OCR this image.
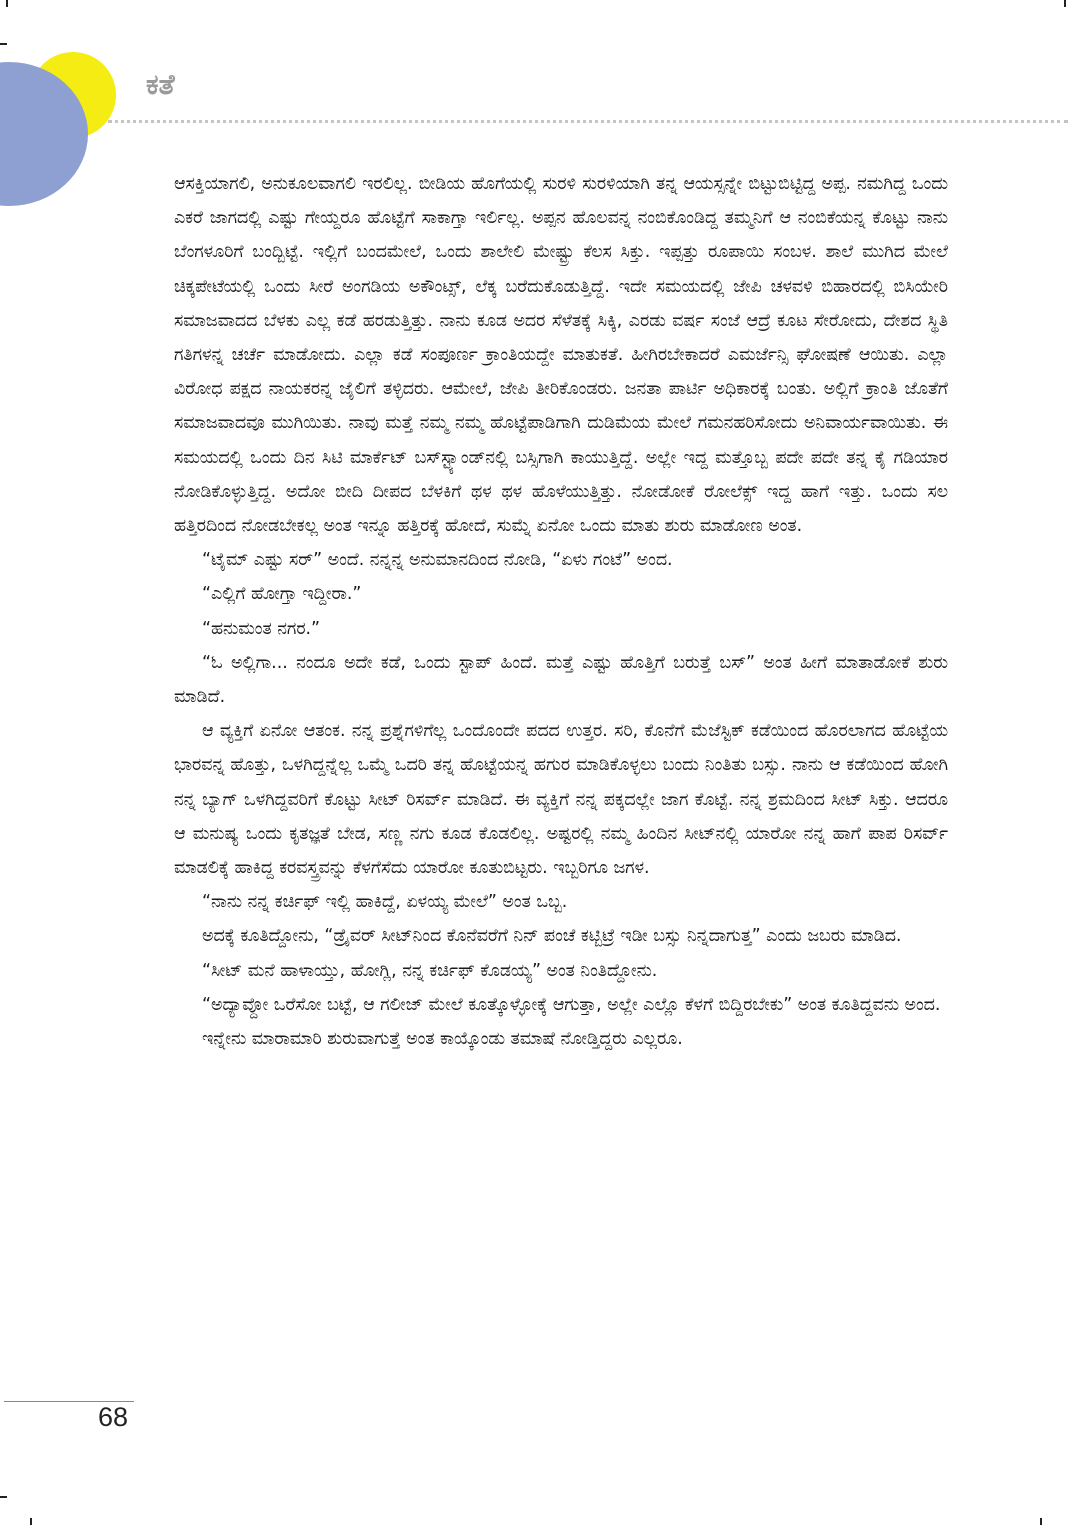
ಕತೆ

ಆಸಕ್ತಿಯಾಗಲಿ, ಅನುಕೂಲವಾಗಲಿ ಇರಲಿಲ್ಲ. ಬೀಡಿಯ ಹೊಗೆಯಲ್ಲಿ ಸುರಳಿ ಸುರಳಿಯಾಗಿ ತನ್ನ ಆಯಸ್ಸನ್ನೇ ಬಿಟ್ಟುಬಿಟ್ಟಿದ್ದ ಅಪ್ಪ. ನಮಗಿದ್ದ ಒಂದು ಎಕರೆ ಜಾಗದಲ್ಲಿ ಎಷ್ಟು ಗೇಯ್ದರೂ ಹೊಟ್ಟೆಗೆ ಸಾಕಾಗ್ತಾ ಇರ್ಲಿಲ್ಲ. ಅಪ್ಪನ ಹೊಲವನ್ನ ನಂಬಿಕೊಂಡಿದ್ದ ತಮ್ಮನಿಗೆ ಆ ನಂಬಿಕೆಯನ್ನ ಕೊಟ್ಟು ನಾನು ಬೆಂಗಳೂರಿಗೆ ಬಂದ್ಬಿಟ್ಟೆ. ಇಲ್ಲಿಗೆ ಬಂದಮೇಲೆ, ಒಂದು ಶಾಲೇಲಿ ಮೇಷ್ಟ್ರು ಕೆಲಸ ಸಿಕ್ತು. ಇಪ್ಪತ್ತು ರೂಪಾಯಿ ಸಂಬಳ. ಶಾಲೆ ಮುಗಿದ ಮೇಲೆ ಚಿಕ್ಕಪೇಟೆಯಲ್ಲಿ ಒಂದು ಸೀರೆ ಅಂಗಡಿಯ ಅಕೌಂಟ್ಸ್, ಲೆಕ್ಕ ಬರೆದುಕೊಡುತ್ತಿದ್ದೆ. ಇದೇ ಸಮಯದಲ್ಲಿ ಜೇಪಿ ಚಳವಳಿ ಬಿಹಾರದಲ್ಲಿ ಬಿಸಿಯೇರಿ ಸಮಾಜವಾದದ ಬೆಳಕು ಎಲ್ಲ ಕಡೆ ಹರಡುತ್ತಿತ್ತು. ನಾನು ಕೂಡ ಅದರ ಸೆಳೆತಕ್ಕೆ ಸಿಕ್ಕಿ, ಎರಡು ವರ್ಷ ಸಂಜೆ ಆದ್ರೆ ಕೂಟ ಸೇರೋದು, ದೇಶದ ಸ್ಥಿತಿ ಗತಿಗಳನ್ನ ಚರ್ಚೆ ಮಾಡೋದು. ಎಲ್ಲಾ ಕಡೆ ಸಂಪೂರ್ಣ ಕ್ರಾಂತಿಯದ್ದೇ ಮಾತುಕತೆ. ಹೀಗಿರಬೇಕಾದರೆ ಎಮರ್ಜೆನ್ಸಿ ಘೋಷಣೆ ಆಯಿತು. ಎಲ್ಲಾ ವಿರೋಧ ಪಕ್ಷದ ನಾಯಕರನ್ನ ಜೈಲಿಗೆ ತಳ್ಳಿದರು. ಆಮೇಲೆ, ಜೇಪಿ ತೀರಿಕೊಂಡರು. ಜನತಾ ಪಾರ್ಟಿ ಅಧಿಕಾರಕ್ಕೆ ಬಂತು. ಅಲ್ಲಿಗೆ ಕ್ರಾಂತಿ ಜೊತೆಗೆ ಸಮಾಜವಾದವೂ ಮುಗಿಯಿತು. ನಾವು ಮತ್ತೆ ನಮ್ಮ ನಮ್ಮ ಹೊಟ್ಟೆಪಾಡಿಗಾಗಿ ದುಡಿಮೆಯ ಮೇಲೆ ಗಮನಹರಿಸೋದು ಅನಿವಾರ್ಯವಾಯಿತು. ಈ ಸಮಯದಲ್ಲಿ ಒಂದು ದಿನ ಸಿಟಿ ಮಾರ್ಕೆಟ್ ಬಸ್‌ಸ್ಟ್ಯಾಂಡ್‌ನಲ್ಲಿ ಬಸ್ಸಿಗಾಗಿ ಕಾಯುತ್ತಿದ್ದೆ. ಅಲ್ಲೇ ಇದ್ದ ಮತ್ತೊಬ್ಬ ಪದೇ ಪದೇ ತನ್ನ ಕೈ ಗಡಿಯಾರ ನೋಡಿಕೊಳ್ಳುತ್ತಿದ್ದ. ಅದೋ ಬೀದಿ ದೀಪದ ಬೆಳಕಿಗೆ ಥಳ ಥಳ ಹೊಳೆಯುತ್ತಿತ್ತು. ನೋಡೋಕೆ ರೋಲೆಕ್ಸ್ ಇದ್ದ ಹಾಗೆ ಇತ್ತು. ಒಂದು ಸಲ ಹತ್ತಿರದಿಂದ ನೋಡಬೇಕಲ್ಲ ಅಂತ ಇನ್ನೂ ಹತ್ತಿರಕ್ಕೆ ಹೋದೆ, ಸುಮ್ನೆ ಏನೋ ಒಂದು ಮಾತು ಶುರು ಮಾಡೋಣ ಅಂತ.

“ಟೈಮ್ ಎಷ್ಟು ಸರ್” ಅಂದೆ. ನನ್ನನ್ನ ಅನುಮಾನದಿಂದ ನೋಡಿ, “ಏಳು ಗಂಟೆ” ಅಂದ.

“ಎಲ್ಲಿಗೆ ಹೋಗ್ತಾ ಇದ್ದೀರಾ.”

“ಹನುಮಂತ ನಗರ.”

“ಓ ಅಲ್ಲಿಗಾ... ನಂದೂ ಅದೇ ಕಡೆ, ಒಂದು ಸ್ಟಾಪ್ ಹಿಂದೆ. ಮತ್ತೆ ಎಷ್ಟು ಹೊತ್ತಿಗೆ ಬರುತ್ತೆ ಬಸ್” ಅಂತ ಹೀಗೆ ಮಾತಾಡೋಕೆ ಶುರು ಮಾಡಿದೆ.

ಆ ವ್ಯಕ್ತಿಗೆ ಏನೋ ಆತಂಕ. ನನ್ನ ಪ್ರಶ್ನೆಗಳಿಗೆಲ್ಲ ಒಂದೊಂದೇ ಪದದ ಉತ್ತರ. ಸರಿ, ಕೊನೆಗೆ ಮೆಜೆಸ್ಟಿಕ್ ಕಡೆಯಿಂದ ಹೊರಲಾಗದ ಹೊಟ್ಟೆಯ ಭಾರವನ್ನ ಹೊತ್ತು, ಒಳಗಿದ್ದನ್ನೆಲ್ಲ ಒಮ್ಮೆ ಒದರಿ ತನ್ನ ಹೊಟ್ಟೆಯನ್ನ ಹಗುರ ಮಾಡಿಕೊಳ್ಳಲು ಬಂದು ನಿಂತಿತು ಬಸ್ಸು. ನಾನು ಆ ಕಡೆಯಿಂದ ಹೋಗಿ ನನ್ನ ಬ್ಯಾಗ್ ಒಳಗಿದ್ದವರಿಗೆ ಕೊಟ್ಟು ಸೀಟ್ ರಿಸರ್ವ್ ಮಾಡಿದೆ. ಈ ವ್ಯಕ್ತಿಗೆ ನನ್ನ ಪಕ್ಕದಲ್ಲೇ ಜಾಗ ಕೊಟ್ಟೆ. ನನ್ನ ಶ್ರಮದಿಂದ ಸೀಟ್ ಸಿಕ್ತು. ಆದರೂ ಆ ಮನುಷ್ಯ ಒಂದು ಕೃತಜ್ಞತೆ ಬೇಡ, ಸಣ್ಣ ನಗು ಕೂಡ ಕೊಡಲಿಲ್ಲ. ಅಷ್ಟರಲ್ಲಿ ನಮ್ಮ ಹಿಂದಿನ ಸೀಟ್‌ನಲ್ಲಿ ಯಾರೋ ನನ್ನ ಹಾಗೆ ಪಾಪ ರಿಸರ್ವ್ ಮಾಡಲಿಕ್ಕೆ ಹಾಕಿದ್ದ ಕರವಸ್ತ್ರವನ್ನು ಕೆಳಗೆಸೆದು ಯಾರೋ ಕೂತುಬಿಟ್ಟರು. ಇಬ್ಬರಿಗೂ ಜಗಳ.

“ನಾನು ನನ್ನ ಕರ್ಚಿಫ್ ಇಲ್ಲಿ ಹಾಕಿದ್ದೆ, ಏಳಯ್ಯ ಮೇಲೆ” ಅಂತ ಒಬ್ಬ.

ಅದಕ್ಕೆ ಕೂತಿದ್ದೋನು, “ಡ್ರೈವರ್ ಸೀಟ್‌ನಿಂದ ಕೊನೆವರೆಗೆ ನಿನ್ ಪಂಚೆ ಕಟ್ಬಿಟ್ರೆ ಇಡೀ ಬಸ್ಸು ನಿನ್ನದಾಗುತ್ತ” ಎಂದು ಜಬರು ಮಾಡಿದ.

“ಸೀಟ್ ಮನೆ ಹಾಳಾಯ್ತು, ಹೋಗ್ಲಿ, ನನ್ನ ಕರ್ಚಿಫ್ ಕೊಡಯ್ಯ” ಅಂತ ನಿಂತಿದ್ದೋನು.

“ಅದ್ಯಾವ್ದೋ ಒರೆಸೋ ಬಟ್ಟೆ, ಆ ಗಲೀಜ್ ಮೇಲೆ ಕೂತ್ಕೊಳ್ಳೋಕ್ಕೆ ಆಗುತ್ತಾ, ಅಲ್ಲೇ ಎಲ್ಲೊ ಕೆಳಗೆ ಬಿದ್ದಿರಬೇಕು” ಅಂತ ಕೂತಿದ್ದವನು ಅಂದ.

ಇನ್ನೇನು ಮಾರಾಮಾರಿ ಶುರುವಾಗುತ್ತೆ ಅಂತ ಕಾಯ್ಕೊಂಡು ತಮಾಷೆ ನೋಡ್ತಿದ್ದರು ಎಲ್ಲರೂ.

68
